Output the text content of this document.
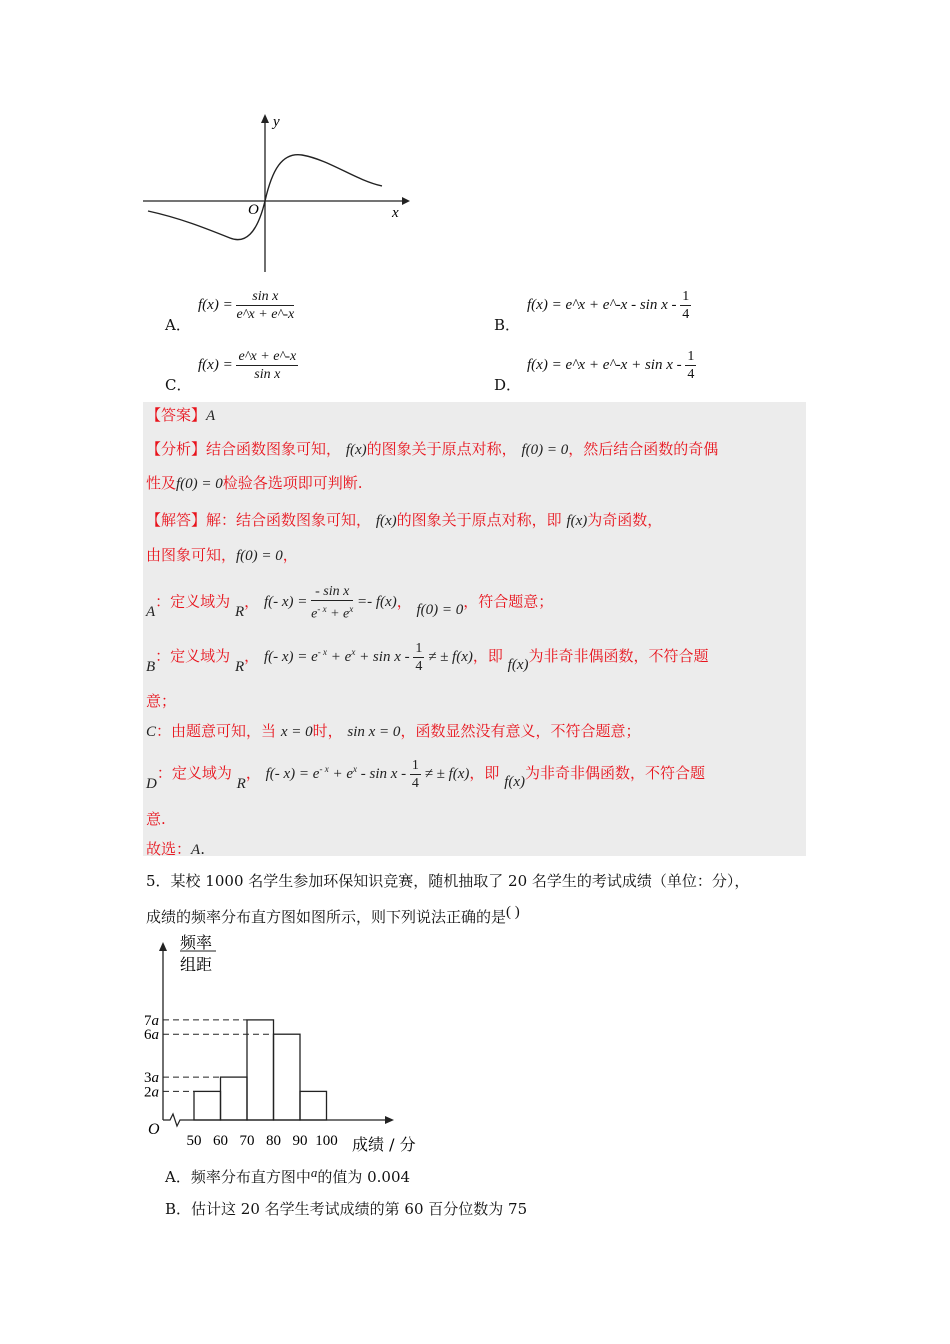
y
x
O
A．
$f(x) = \frac{\text{sin x}}{e\^{}x + e\^{}-x}$
B．
f(x) = e^x + e^-x - sin x - $\frac{1}{4}$
C．
$f(x) = \frac{e\^{}x + e\^{}-x}{\text{sin x}}$
D．
f(x) = e^x + e^-x + sin x - $\frac{1}{4}$
【答案】A
【分析】结合函数图象可知， f(x)的图象关于原点对称， f(0) = 0，然后结合函数的奇偶
性及f(0) = 0检验各选项即可判断.
【解答】解：结合函数图象可知， f(x)的图象关于原点对称，即 f(x)为奇函数，
由图象可知，f(0) = 0，
A：定义域为 R， f(- $x) = \frac{\text{- sin x}}{e^{- x} + e^x} =- f(x)$， f(0) = 0，符合题意；
B：定义域为 R， f(- $x) = e^{- x} + e^x + \sin x - \frac{1}{4}$ ≠ ± f(x)，即 f(x)为非奇非偶函数，不符合题
意；
C：由题意可知，当 x = 0时， sin x = 0，函数显然没有意义，不符合题意；
D：定义域为 R， f(- $x) = e^{- x} + e^x - \sin x - \frac{1}{4}$ ≠ ± f(x)，即 f(x)为非奇非偶函数，不符合题
意.
故选：A.
5．某校 1000 名学生参加环保知识竞赛，随机抽取了 20 名学生的考试成绩（单位：分），
成绩的频率分布直方图如图所示，则下列说法正确的是( )
频率
组距
O
成绩 / 分
2a
3a
6a
7a
50 60 70 80 90 100
A．频率分布直方图中a的值为 0.004
B．估计这 20 名学生考试成绩的第 60 百分位数为 75
